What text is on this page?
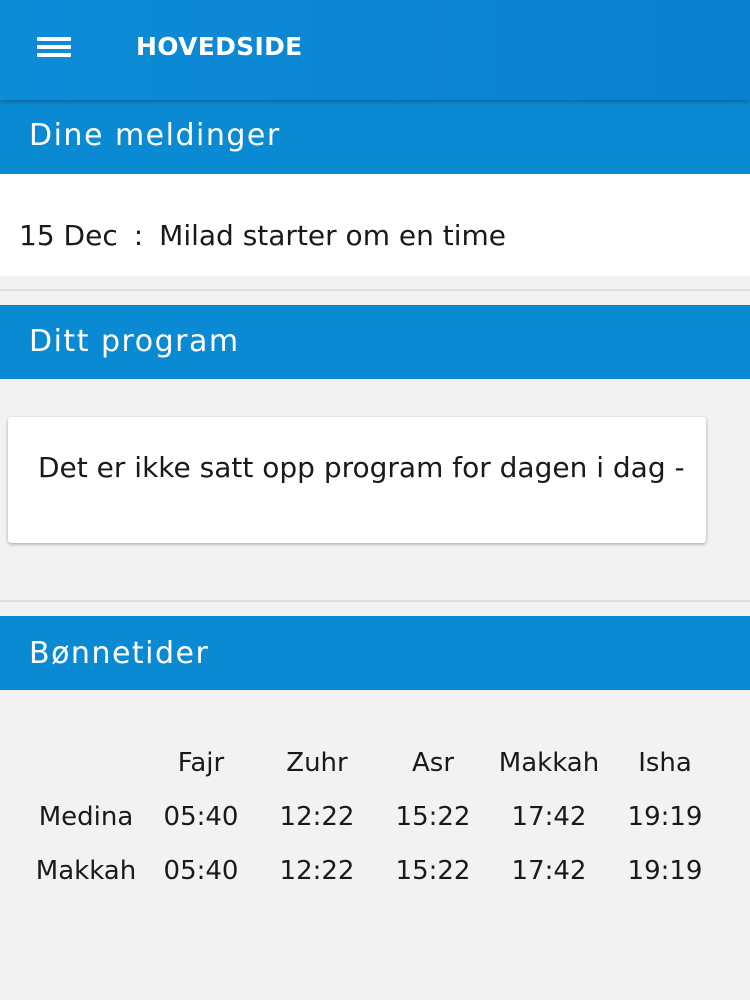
HOVEDSIDE
Dine meldinger
15 Dec : Milad starter om en time
Ditt program
Det er ikke satt opp program for dagen i dag -
Bønnetider
	Fajr	Zuhr	Asr	Makkah	Isha
Medina	05:40	12:22	15:22	17:42	19:19
Makkah	05:40	12:22	15:22	17:42	19:19
